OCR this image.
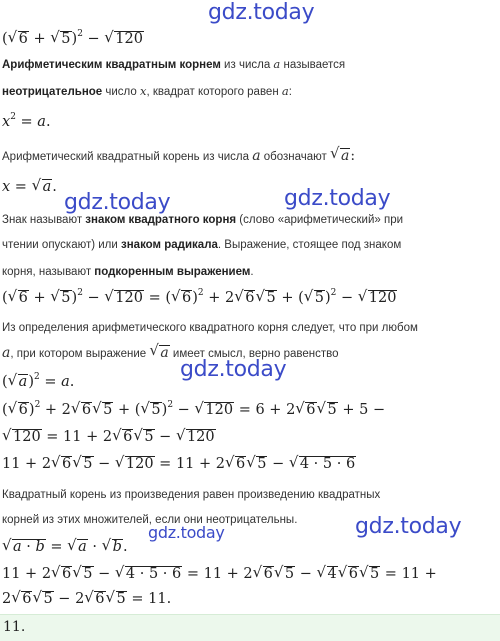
gdz.today
gdz.today	gdz.today
gdz.today
gdz.today	gdz.today
( √ 6 + √ 5)$^2$ − √ 120
Арифметическим квадратным корнем из числа a называется
неотрицательное число x, квадрат которого равен a:
$x^2 = a$.
Арифметический квадратный корень из числа a обозначают √ a:
x = √ a.
Знак называют знаком квадратного корня (слово «арифметический» при
чтении опускают) или знаком радикала. Выражение, стоящее под знаком
корня, называют подкоренным выражением.
( √ 6 + √ 5)$^2$ − √ 120 = ( √ 6)$^2$ + 2 √ 6 √ 5 + ( √ 5)$^2$ − √ 120
Из определения арифметического квадратного корня следует, что при любом
a, при котором выражение √ a имеет смысл, верно равенство
( √ a)$^2$ = a.
( √ 6)$^2$ + 2 √ 6 √ 5 + ( √ 5)$^2$ − √ 120 = 6 + 2 √ 6 √ 5 + 5 −
√ 120 = 11 + 2 √ 6 √ 5 − √ 120
11 + 2 √ 6 √ 5 − √ 120 = 11 + 2 √ 6 √ 5 − √ 4 · 5 · 6
Квадратный корень из произведения равен произведению квадратных
корней из этих множителей, если они неотрицательны.
√ a · b = √ a · √ b.
11 + 2 √ 6 √ 5 − √ 4 · 5 · 6 = 11 + 2 √ 6 √ 5 − √ 4 √ 6 √ 5 = 11 +
2 √ 6 √ 5 − 2 √ 6 √ 5 = 11.
11.
